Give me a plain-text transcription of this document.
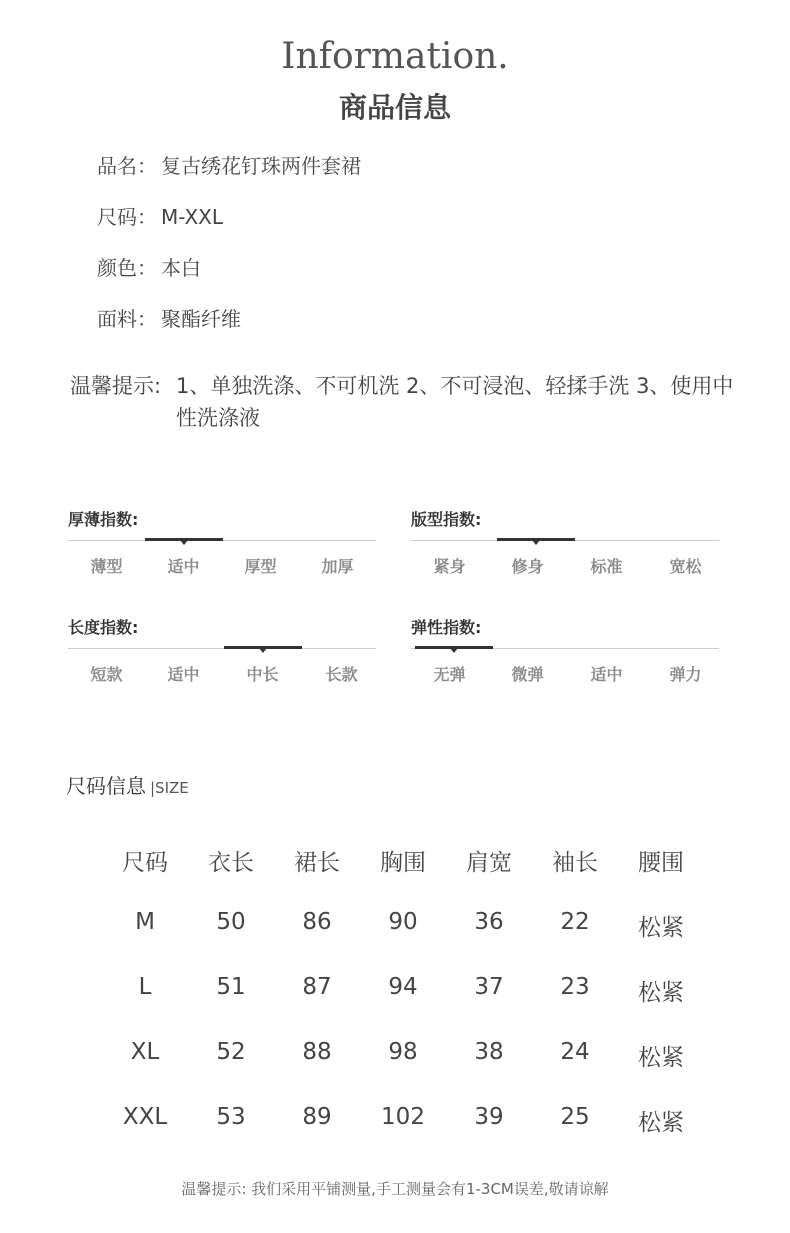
Information.
商品信息
品名： 复古绣花钉珠两件套裙
尺码： M-XXL
颜色： 本白
面料： 聚酯纤维
温馨提示: 1、单独洗涤、不可机洗 2、不可浸泡、轻揉手洗 3、使用中性洗涤液
厚薄指数:
薄型	适中	厚型	加厚
版型指数:
紧身	修身	标准	宽松
长度指数:
短款	适中	中长	长款
弹性指数:
无弹	微弹	适中	弹力
尺码信息 |SIZE
尺码	衣长	裙长	胸围	肩宽	袖长	腰围
M	50	86	90	36	22	松紧
L	51	87	94	37	23	松紧
XL	52	88	98	38	24	松紧
XXL	53	89	102	39	25	松紧
温馨提示: 我们采用平铺测量,手工测量会有1-3CM误差,敬请谅解
